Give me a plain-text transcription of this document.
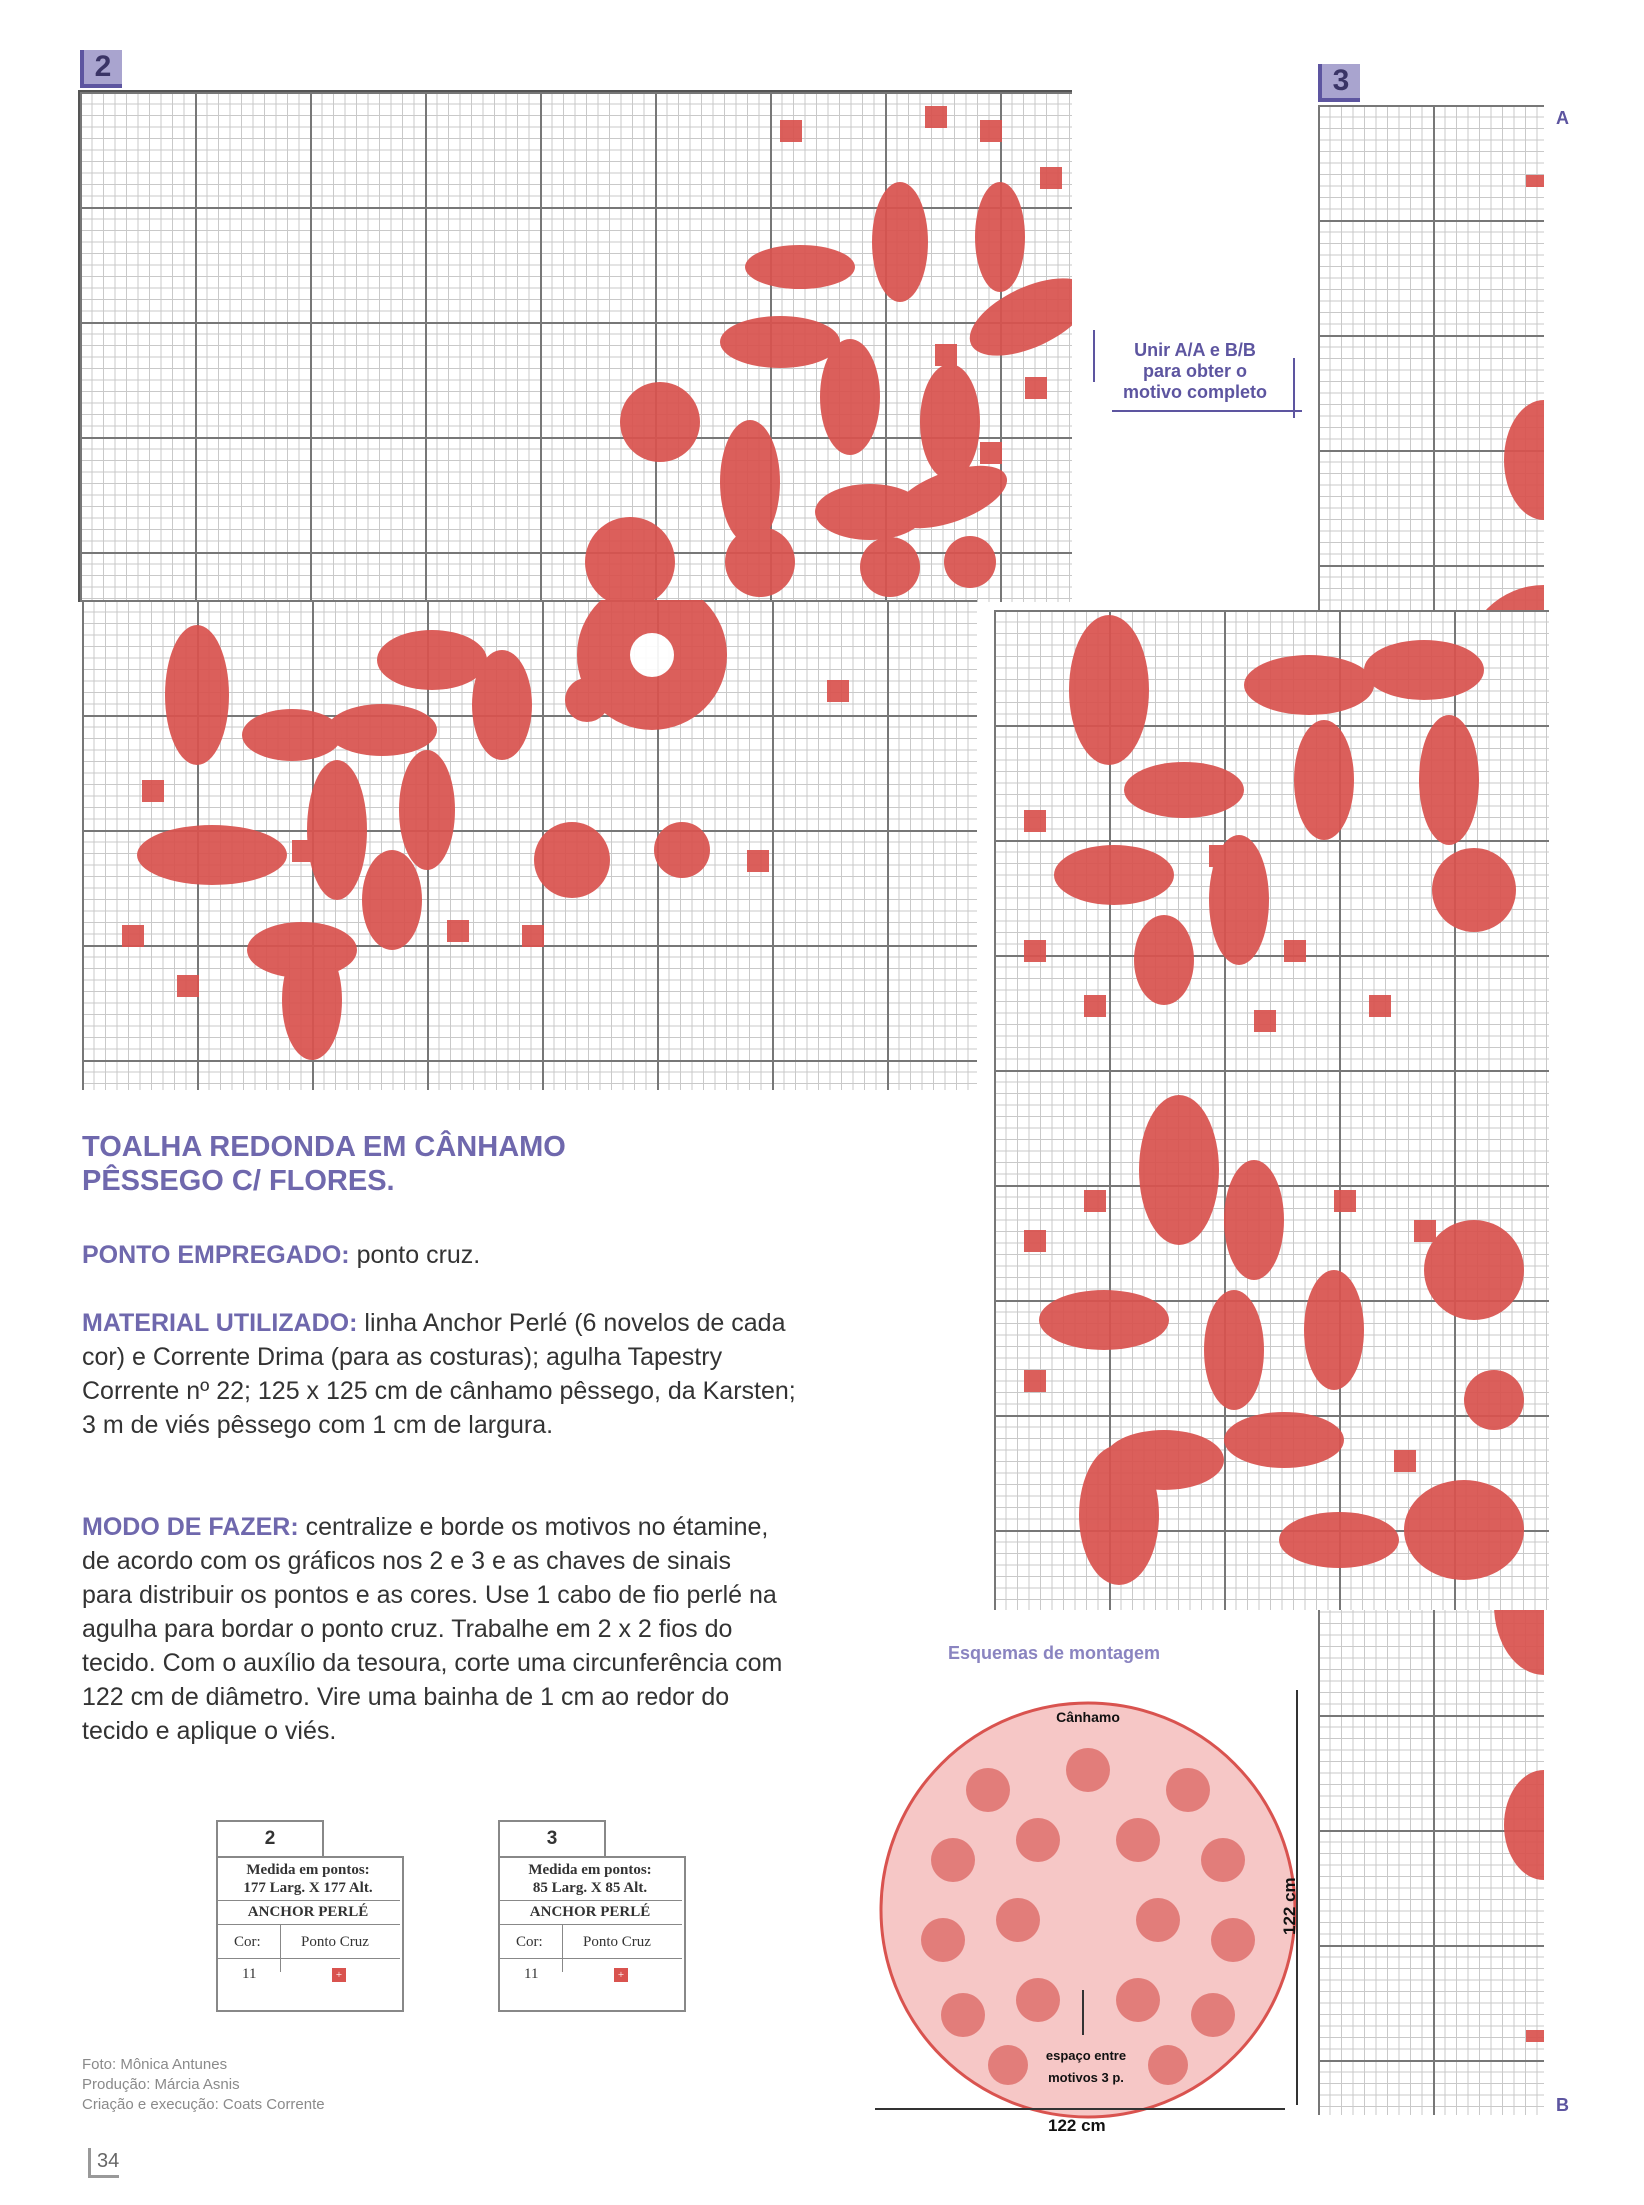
2	3
A
B
Unir A/A e B/B
para obter o
motivo completo
TOALHA REDONDA EM CÂNHAMO
PÊSSEGO C/ FLORES.
PONTO EMPREGADO: ponto cruz.
MATERIAL UTILIZADO: linha Anchor Perlé (6 novelos de cada cor) e Corrente Drima (para as costuras); agulha Tapestry Corrente nº 22; 125 x 125 cm de cânhamo pêssego, da Karsten; 3 m de viés pêssego com 1 cm de largura.
MODO DE FAZER: centralize e borde os motivos no étamine, de acordo com os gráficos nos 2 e 3 e as chaves de sinais para distribuir os pontos e as cores. Use 1 cabo de fio perlé na agulha para bordar o ponto cruz. Trabalhe em 2 x 2 fios do tecido. Com o auxílio da tesoura, corte uma circunferência com 122 cm de diâmetro. Vire uma bainha de 1 cm ao redor do tecido e aplique o viés.
2
Medida em pontos:
177 Larg. X 177 Alt.
ANCHOR PERLÉ
Cor:	Ponto Cruz
11	+
3
Medida em pontos:
85 Larg. X 85 Alt.
ANCHOR PERLÉ
Cor:	Ponto Cruz
11	+
Foto: Mônica Antunes
Produção: Márcia Asnis
Criação e execução: Coats Corrente
34
Esquemas de montagem
Cânhamo
espaço entre
motivos 3 p.
122 cm
122 cm
